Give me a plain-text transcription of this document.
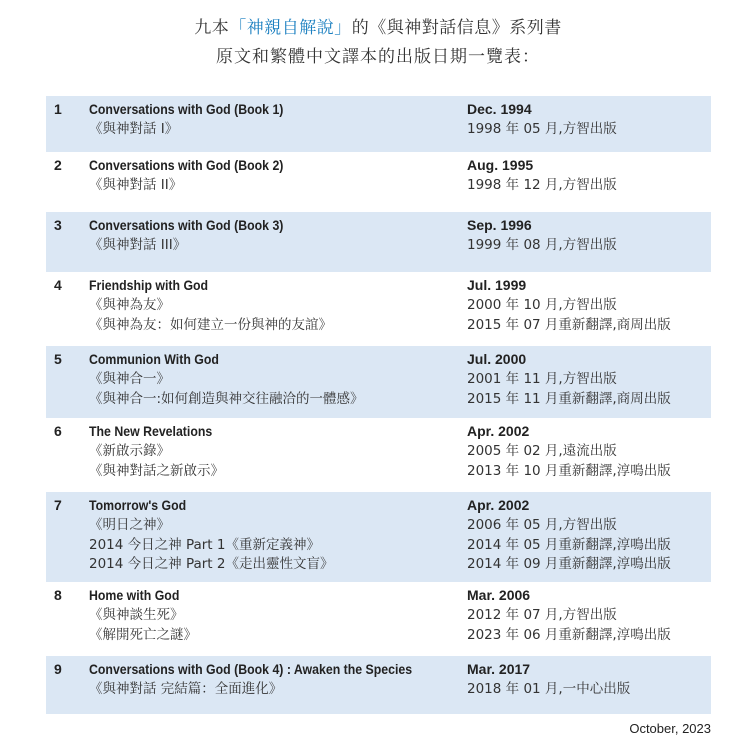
九本「神親自解說」的《與神對話信息》系列書
原文和繁體中文譯本的出版日期一覽表：
1 Conversations with God (Book 1)
《與神對話 I》
Dec. 1994
1998 年 05 月,方智出版
2 Conversations with God (Book 2)
《與神對話 II》
Aug. 1995
1998 年 12 月,方智出版
3 Conversations with God (Book 3)
《與神對話 III》
Sep. 1996
1999 年 08 月,方智出版
4 Friendship with God
《與神為友》
《與神為友：如何建立一份與神的友誼》
Jul. 1999
2000 年 10 月,方智出版
2015 年 07 月重新翻譯,商周出版
5 Communion With God
《與神合一》
《與神合一:如何創造與神交往融洽的一體感》
Jul. 2000
2001 年 11 月,方智出版
2015 年 11 月重新翻譯,商周出版
6 The New Revelations
《新啟示錄》
《與神對話之新啟示》
Apr. 2002
2005 年 02 月,遠流出版
2013 年 10 月重新翻譯,淳鳴出版
7 Tomorrow's God
《明日之神》
2014 今日之神 Part 1《重新定義神》
2014 今日之神 Part 2《走出靈性文盲》
Apr. 2002
2006 年 05 月,方智出版
2014 年 05 月重新翻譯,淳鳴出版
2014 年 09 月重新翻譯,淳鳴出版
8 Home with God
《與神談生死》
《解開死亡之謎》
Mar. 2006
2012 年 07 月,方智出版
2023 年 06 月重新翻譯,淳鳴出版
9 Conversations with God (Book 4) : Awaken the Species
《與神對話 完結篇：全面進化》
Mar. 2017
2018 年 01 月,一中心出版
October, 2023
